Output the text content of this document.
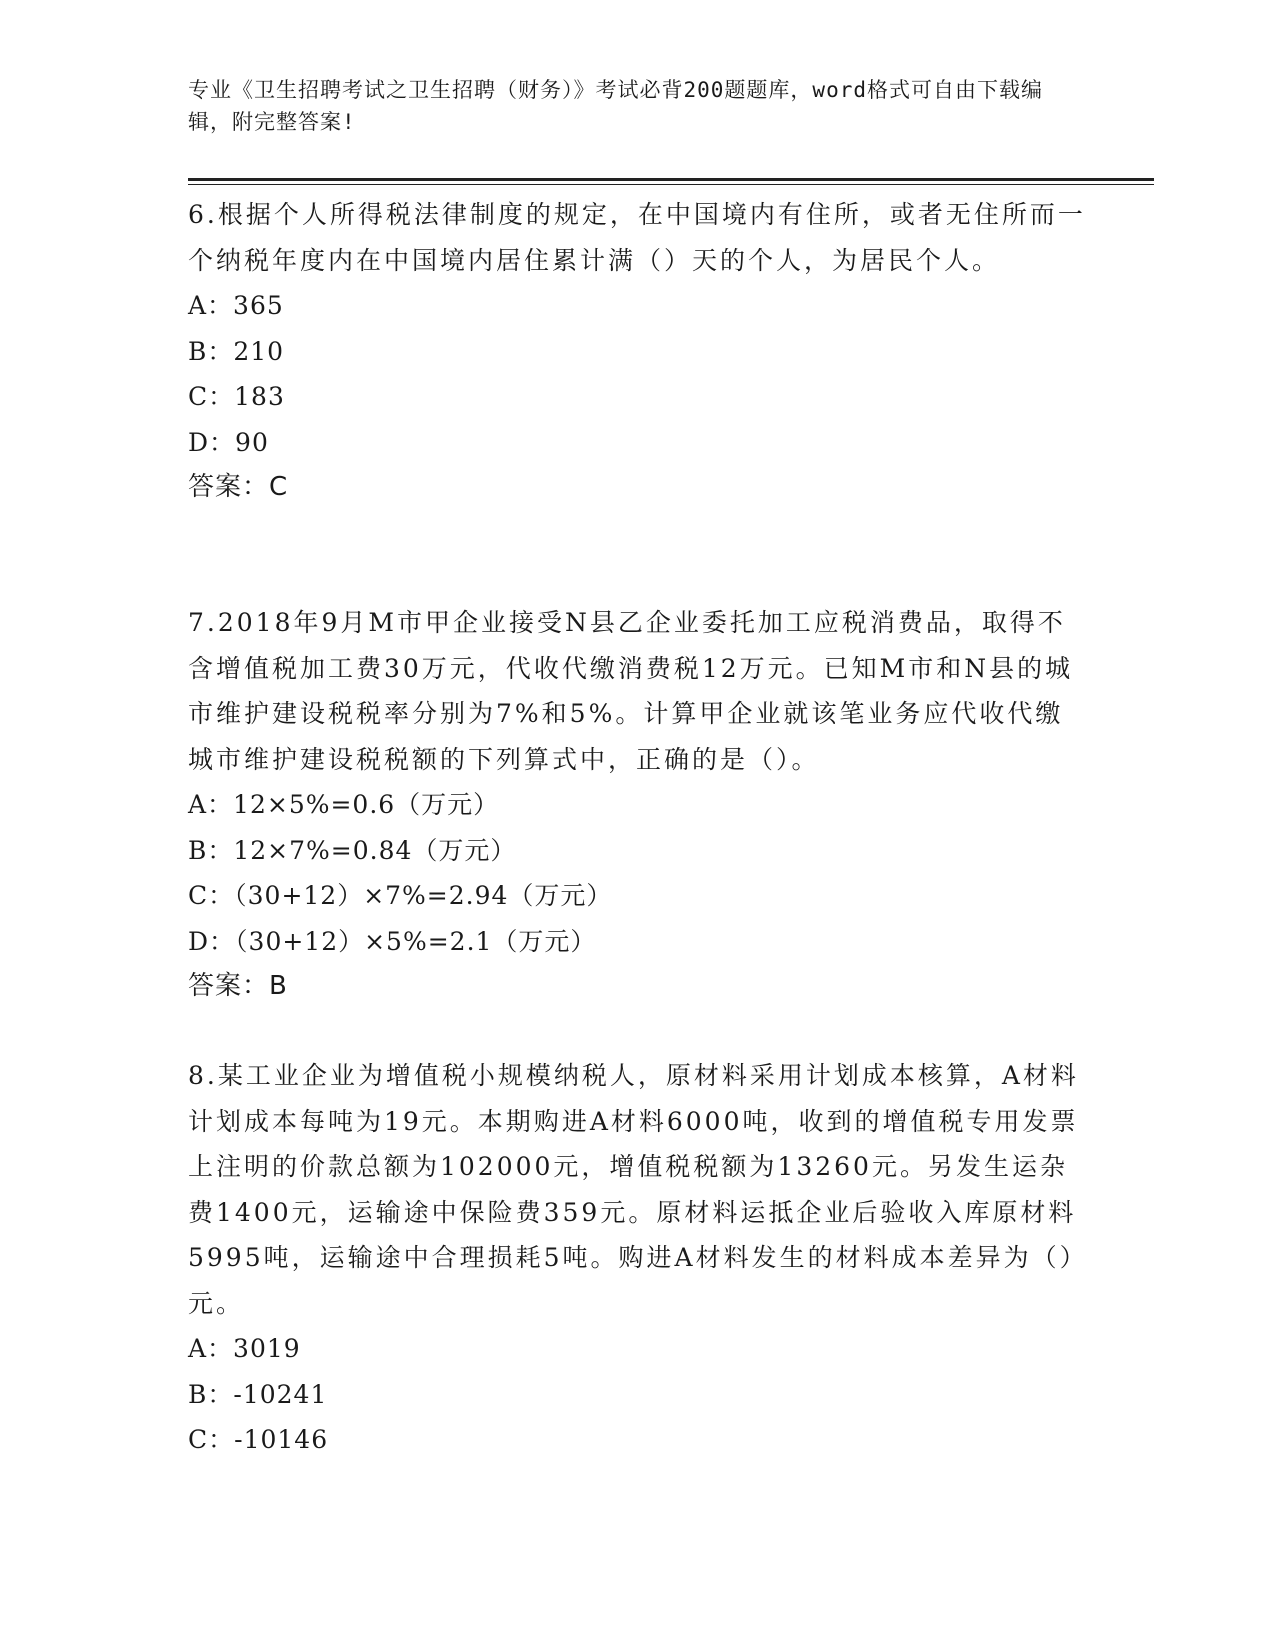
专业《卫生招聘考试之卫生招聘（财务）》考试必背200题题库，word格式可自由下载编辑，附完整答案!

6.根据个人所得税法律制度的规定，在中国境内有住所，或者无住所而一个纳税年度内在中国境内居住累计满（）天的个人，为居民个人。

A：365
B：210
C：183
D：90
答案：C

7.2018年9月M市甲企业接受N县乙企业委托加工应税消费品，取得不含增值税加工费30万元，代收代缴消费税12万元。已知M市和N县的城市维护建设税税率分别为7%和5%。计算甲企业就该笔业务应代收代缴城市维护建设税税额的下列算式中，正确的是（）。

A：12×5%=0.6（万元）
B：12×7%=0.84（万元）
C：（30+12）×7%=2.94（万元）
D：（30+12）×5%=2.1（万元）
答案：B

8.某工业企业为增值税小规模纳税人，原材料采用计划成本核算，A材料计划成本每吨为19元。本期购进A材料6000吨，收到的增值税专用发票上注明的价款总额为102000元，增值税税额为13260元。另发生运杂费1400元，运输途中保险费359元。原材料运抵企业后验收入库原材料5995吨，运输途中合理损耗5吨。购进A材料发生的材料成本差异为（）元。

A：3019
B：-10241
C：-10146
